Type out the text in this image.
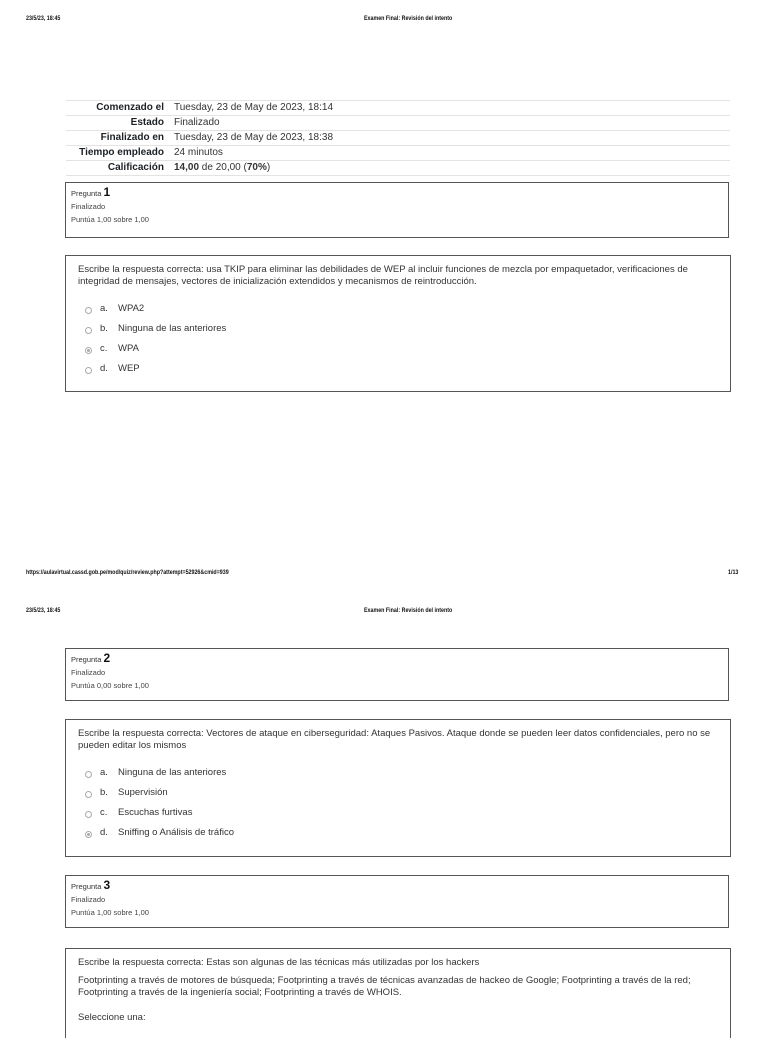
23/5/23, 18:45	Examen Final: Revisión del intento
Comenzado el	Tuesday, 23 de May de 2023, 18:14
Estado	Finalizado
Finalizado en	Tuesday, 23 de May de 2023, 18:38
Tiempo empleado	24 minutos
Calificación	14,00 de 20,00 (70%)
Pregunta 1
Finalizado
Puntúa 1,00 sobre 1,00
Escribe la respuesta correcta: usa TKIP para eliminar las debilidades de WEP al incluir funciones de mezcla por empaquetador, verificaciones de integridad de mensajes, vectores de inicialización extendidos y mecanismos de reintroducción.
a.	WPA2
b.	Ninguna de las anteriores
c.	WPA
d.	WEP
https://aulavirtual.cassd.gob.pe/mod/quiz/review.php?attempt=52926&cmid=939	1/13
23/5/23, 18:45	Examen Final: Revisión del intento
Pregunta 2
Finalizado
Puntúa 0,00 sobre 1,00
Escribe la respuesta correcta: Vectores de ataque en ciberseguridad: Ataques Pasivos. Ataque donde se pueden leer datos confidenciales, pero no se pueden editar los mismos
a.	Ninguna de las anteriores
b.	Supervisión
c.	Escuchas furtivas
d.	Sniffing o Análisis de tráfico
Pregunta 3
Finalizado
Puntúa 1,00 sobre 1,00
Escribe la respuesta correcta: Estas son algunas de las técnicas más utilizadas por los hackers
Footprinting a través de motores de búsqueda; Footprinting a través de técnicas avanzadas de hackeo de Google; Footprinting a través de la red; Footprinting a través de la ingeniería social; Footprinting a través de WHOIS.
Seleccione una:
